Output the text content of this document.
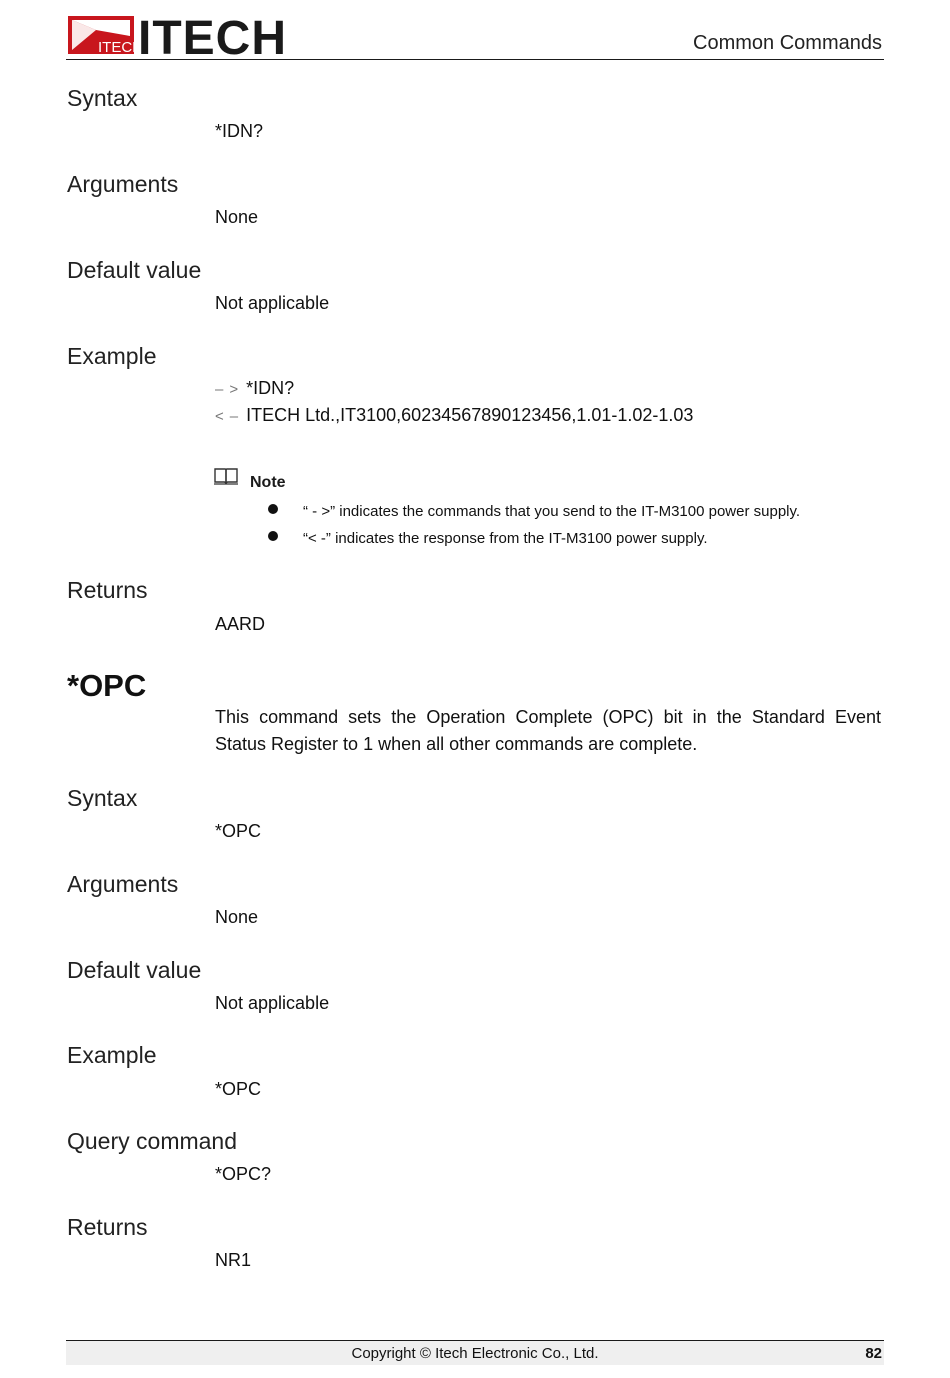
ITECH
ITECH	Common Commands
Syntax
*IDN?
Arguments
None
Default value
Not applicable
Example
– > *IDN?
< – ITECH Ltd.,IT3100,60234567890123456,1.01-1.02-1.03
Note
“ - >” indicates the commands that you send to the IT-M3100 power supply.
“< -” indicates the response from the IT-M3100 power supply.
Returns
AARD
*OPC
This command sets the Operation Complete (OPC) bit in the Standard Event Status Register to 1 when all other commands are complete.
Syntax
*OPC
Arguments
None
Default value
Not applicable
Example
*OPC
Query command
*OPC?
Returns
NR1
Copyright © Itech Electronic Co., Ltd.	82
